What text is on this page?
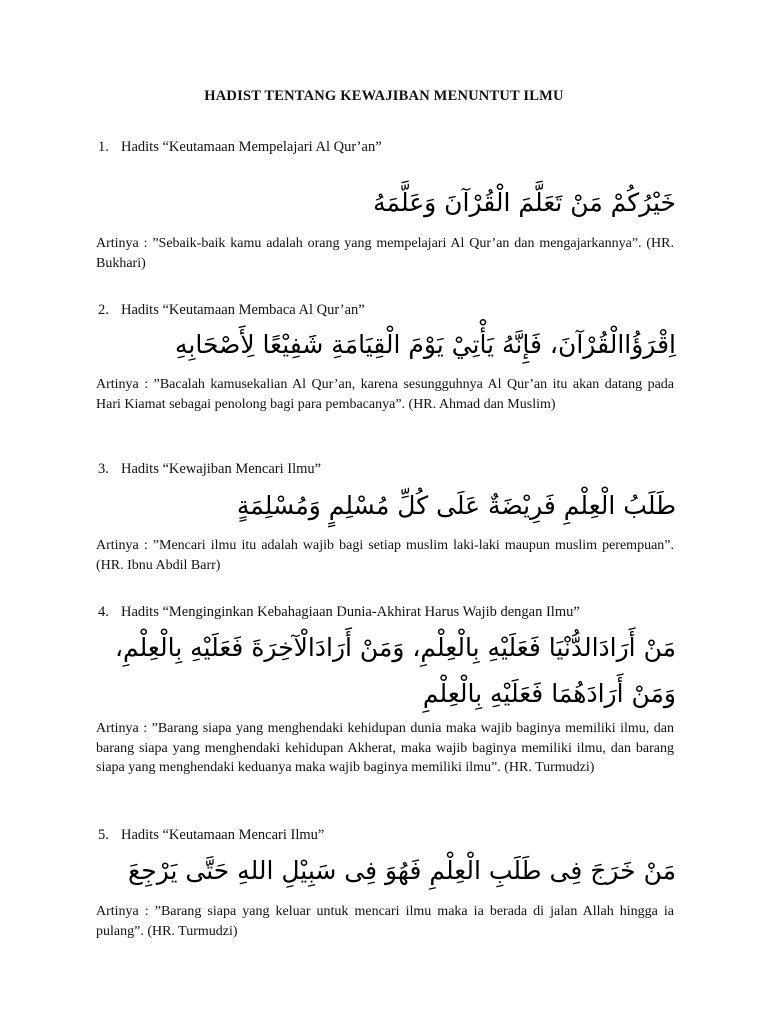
HADIST TENTANG KEWAJIBAN MENUNTUT ILMU
1. Hadits “Keutamaan Mempelajari Al Qur’an”
خَيْرُكُمْ مَنْ تَعَلَّمَ الْقُرْآنَ وَعَلَّمَهُ
Artinya : ”Sebaik-baik kamu adalah orang yang mempelajari Al Qur’an dan mengajarkannya”. (HR. Bukhari)
2. Hadits “Keutamaan Membaca Al Qur’an”
اِقْرَؤُاالْقُرْآنَ، فَإِنَّهُ يَأْتِيْ يَوْمَ الْقِيَامَةِ شَفِيْعًا لِأَصْحَابِهِ
Artinya : ”Bacalah kamusekalian Al Qur’an, karena sesungguhnya Al Qur’an itu akan datang pada Hari Kiamat sebagai penolong bagi para pembacanya”. (HR. Ahmad dan Muslim)
3. Hadits “Kewajiban Mencari Ilmu”
طَلَبُ الْعِلْمِ فَرِيْضَةٌ عَلَى كُلِّ مُسْلِمٍ وَمُسْلِمَةٍ
Artinya : ”Mencari ilmu itu adalah wajib bagi setiap muslim laki-laki maupun muslim perempuan”. (HR. Ibnu Abdil Barr)
4. Hadits “Menginginkan Kebahagiaan Dunia-Akhirat Harus Wajib dengan Ilmu”
مَنْ أَرَادَالدُّنْيَا فَعَلَيْهِ بِالْعِلْمِ، وَمَنْ أَرَادَالْآخِرَةَ فَعَلَيْهِ بِالْعِلْمِ، وَمَنْ أَرَادَهُمَا فَعَلَيْهِ بِالْعِلْمِ
Artinya : ”Barang siapa yang menghendaki kehidupan dunia maka wajib baginya memiliki ilmu, dan barang siapa yang menghendaki kehidupan Akherat, maka wajib baginya memiliki ilmu, dan barang siapa yang menghendaki keduanya maka wajib baginya memiliki ilmu”. (HR. Turmudzi)
5. Hadits “Keutamaan Mencari Ilmu”
مَنْ خَرَجَ فِى طَلَبِ الْعِلْمِ فَهُوَ فِى سَبِيْلِ اللهِ حَتَّى يَرْجِعَ
Artinya : ”Barang siapa yang keluar untuk mencari ilmu maka ia berada di jalan Allah hingga ia pulang”. (HR. Turmudzi)
